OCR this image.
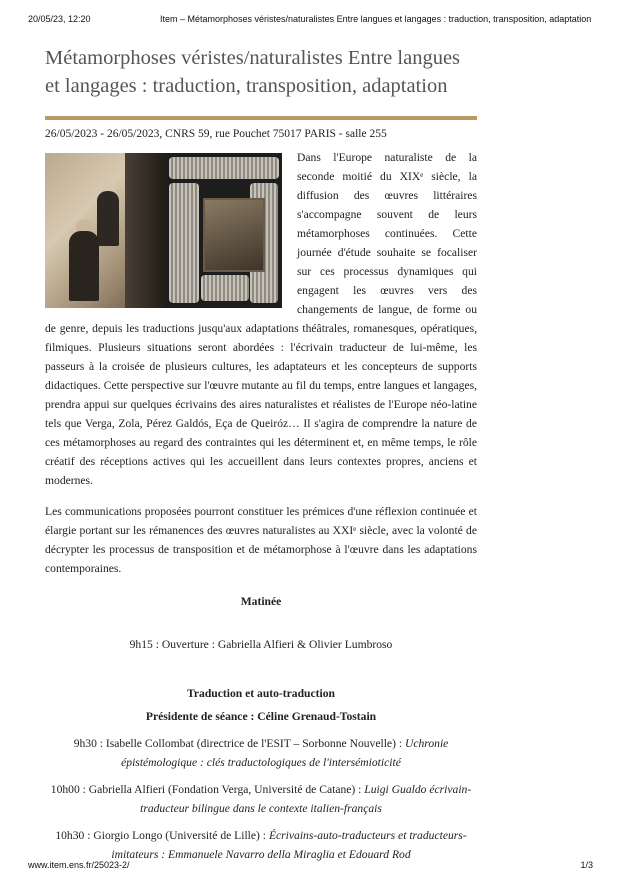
20/05/23, 12:20	Item – Métamorphoses véristes/naturalistes Entre langues et langages : traduction, transposition, adaptation
Métamorphoses véristes/naturalistes Entre langues et langages : traduction, transposition, adaptation
26/05/2023 - 26/05/2023, CNRS 59, rue Pouchet 75017 PARIS - salle 255
Dans l'Europe naturaliste de la seconde moitié du XIXᵉ siècle, la diffusion des œuvres littéraires s'accompagne souvent de leurs métamorphoses continuées. Cette journée d'étude souhaite se focaliser sur ces processus dynamiques qui engagent les œuvres vers des changements de langue, de forme ou de genre, depuis les traductions jusqu'aux adaptations théâtrales, romanesques, opératiques, filmiques. Plusieurs situations seront abordées : l'écrivain traducteur de lui-même, les passeurs à la croisée de plusieurs cultures, les adaptateurs et les concepteurs de supports didactiques. Cette perspective sur l'œuvre mutante au fil du temps, entre langues et langages, prendra appui sur quelques écrivains des aires naturalistes et réalistes de l'Europe néo-latine tels que Verga, Zola, Pérez Galdós, Eça de Queiróz… Il s'agira de comprendre la nature de ces métamorphoses au regard des contraintes qui les déterminent et, en même temps, le rôle créatif des réceptions actives qui les accueillent dans leurs contextes propres, anciens et modernes.
Les communications proposées pourront constituer les prémices d'une réflexion continuée et élargie portant sur les rémanences des œuvres naturalistes au XXIᵉ siècle, avec la volonté de décrypter les processus de transposition et de métamorphose à l'œuvre dans les adaptations contemporaines.
Matinée
9h15 : Ouverture : Gabriella Alfieri & Olivier Lumbroso
Traduction et auto-traduction
Présidente de séance : Céline Grenaud-Tostain
9h30 : Isabelle Collombat (directrice de l'ESIT – Sorbonne Nouvelle) : Uchronie épistémologique : clés traductologiques de l'intersémioticité
10h00 : Gabriella Alfieri (Fondation Verga, Université de Catane) : Luigi Gualdo écrivain-traducteur bilingue dans le contexte italien-français
10h30 : Giorgio Longo (Université de Lille) : Écrivains-auto-traducteurs et traducteurs-imitateurs : Emmanuele Navarro della Miraglia et Edouard Rod
www.item.ens.fr/25023-2/	1/3
